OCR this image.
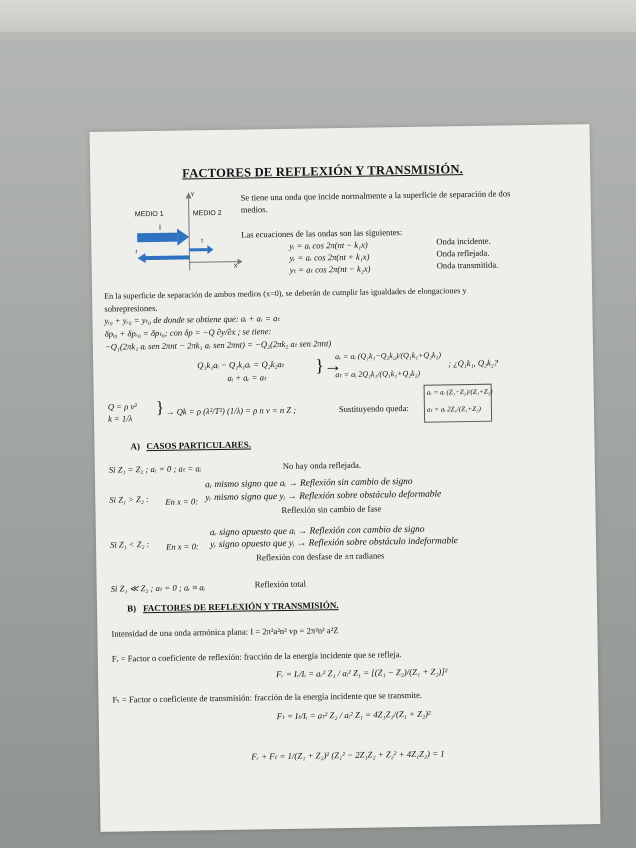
FACTORES DE REFLEXIÓN Y TRANSMISIÓN.
MEDIO 1	MEDIO 2
Y
X
i
r
t
Se tiene una onda que incide normalmente a la superficie de separación de dos
medios.
Las ecuaciones de las ondas son las siguientes:
yᵢ = aᵢ cos 2π(nt − k₁x)	Onda incidente.
yᵣ = aᵣ cos 2π(nt + k₁x)	Onda reflejada.
yₜ = aₜ cos 2π(nt − k₂x)	Onda transmitida.
En la superficie de separación de ambos medios (x=0), se deberán de cumplir las igualdades de elongaciones y
sobrepresiones.
yᵢ₀ + yᵣ₀ = yₜ₀ de donde se obtiene que: aᵢ + aᵣ = aₜ
δpᵢ₀ + δpᵣ₀ = δpₜ₀; con δp = −Q ∂y/∂x ; se tiene:
−Q₁(2πk₁ aᵢ sen 2πnt − 2πk₁ aᵣ sen 2πnt) = −Q₂(2πk₂ aₜ sen 2πnt)
Q₁k₁aᵢ − Q₁k₁aᵣ = Q₂k₂aₜ
aᵢ + aᵣ = aₜ
}→
aᵣ = aᵢ (Q₁k₁−Q₂k₂)/(Q₁k₁+Q₂k₂)
aₜ = aᵢ 2Q₁k₁/(Q₁k₁+Q₂k₂)
; ¿Q₁k₁, Q₂k₂?
Q = ρ v²
k = 1/λ
} → Qk = ρ (λ²/T²) (1/λ) = ρ n v = n Z ;	Sustituyendo queda:
aᵣ = aᵢ (Z₁−Z₂)/(Z₁+Z₂)
aₜ = aᵢ 2Z₁/(Z₁+Z₂)
A) CASOS PARTICULARES.
Si Z₁ = Z₂ ; aᵣ = 0 ; aₜ = aᵢ	No hay onda reflejada.
aᵣ mismo signo que aᵢ → Reflexión sin cambio de signo
Si Z₁ > Z₂ : En x = 0: yᵣ mismo signo que yᵢ → Reflexión sobre obstáculo deformable
Reflexión sin cambio de fase
aᵣ signo apuesto que aᵢ → Reflexión con cambio de signo
Si Z₁ < Z₂ : En x = 0: yᵣ signo opuesto que yᵢ → Reflexión sobre obstáculo indeformable
Reflexión con desfase de ±π radianes
Si Z₁ ≪ Z₂ ; aₜ = 0 ; aᵣ ≈ aᵢ	Reflexión total
B) FACTORES DE REFLEXIÓN Y TRANSMISIÓN.
Intensidad de una onda armónica plana: I = 2π²a²n² vρ = 2π²n² a²Z
Fᵣ = Factor o coeficiente de reflexión: fracción de la energía incidente que se refleja.
Fᵣ = Iᵣ/Iᵢ = aᵣ² Z₁ / aᵢ² Z₁ = [(Z₁ − Z₂)/(Z₁ + Z₂)]²
Fₜ = Factor o coeficiente de transmisión: fracción de la energía incidente que se transmite.
Fₜ = Iₜ/Iᵢ = aₜ² Z₂ / aᵢ² Z₁ = 4Z₁Z₂/(Z₁ + Z₂)²
Fᵣ + Fₜ = 1/(Z₁ + Z₂)² (Z₁² − 2Z₁Z₂ + Z₂² + 4Z₁Z₂) = 1
